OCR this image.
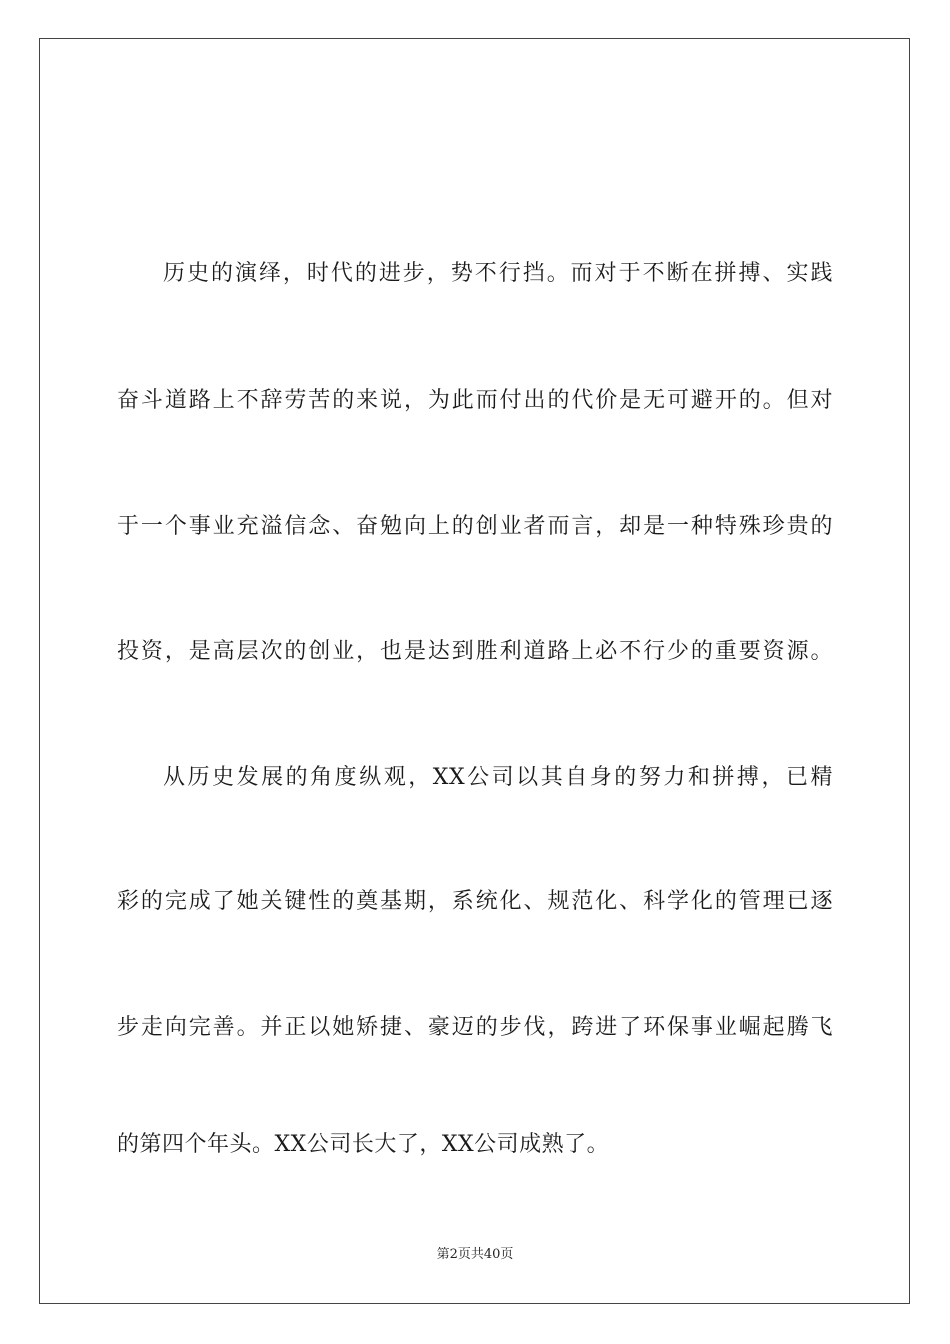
历史的演绎，时代的进步，势不行挡。而对于不断在拼搏、实践
奋斗道路上不辞劳苦的来说，为此而付出的代价是无可避开的。但对
于一个事业充溢信念、奋勉向上的创业者而言，却是一种特殊珍贵的
投资，是高层次的创业，也是达到胜利道路上必不行少的重要资源。
从历史发展的角度纵观，XX公司以其自身的努力和拼搏，已精
彩的完成了她关键性的奠基期，系统化、规范化、科学化的管理已逐
步走向完善。并正以她矫捷、豪迈的步伐，跨进了环保事业崛起腾飞
的第四个年头。XX公司长大了，XX公司成熟了。
第2页共40页
